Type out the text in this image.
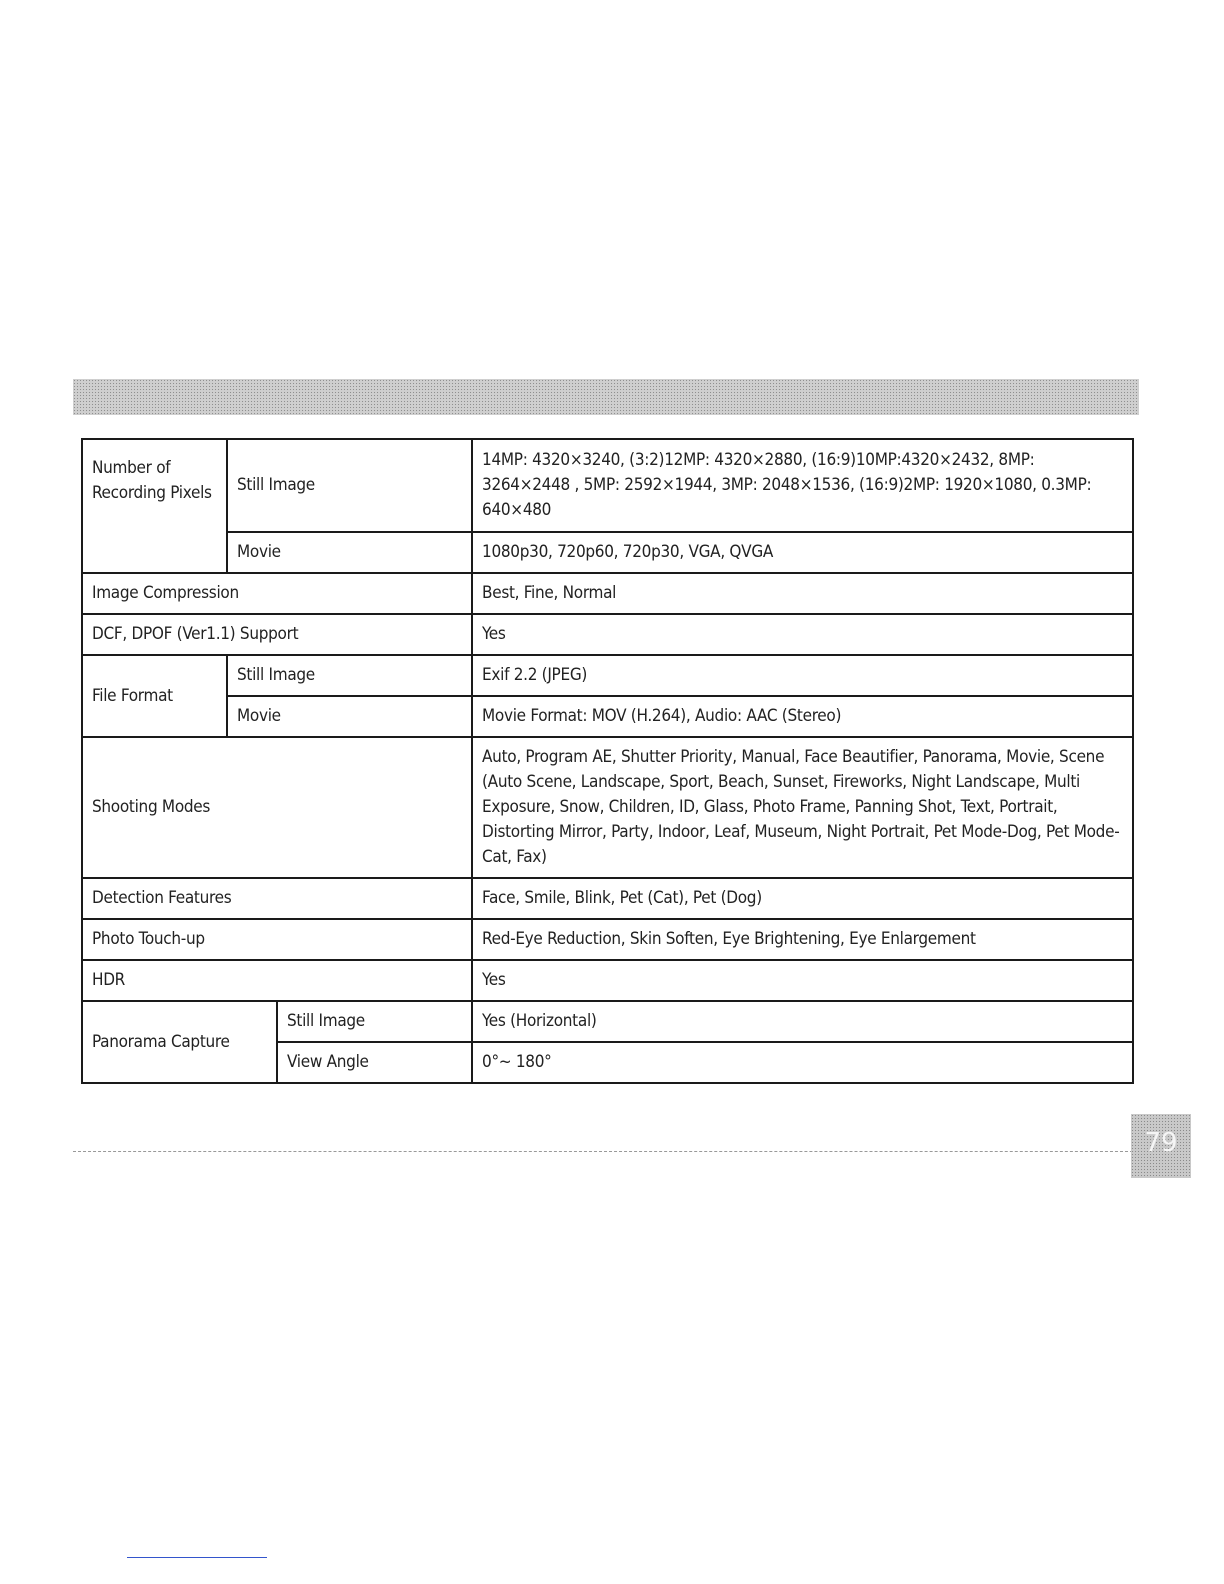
Number of Recording Pixels	Still Image		14MP: 4320×3240, (3:2)12MP: 4320×2880, (16:9)10MP:4320×2432, 8MP: 3264×2448 , 5MP: 2592×1944, 3MP: 2048×1536, (16:9)2MP: 1920×1080, 0.3MP: 640×480
	Movie		1080p30, 720p60, 720p30, VGA, QVGA
Image Compression			Best, Fine, Normal
DCF, DPOF (Ver1.1) Support			Yes
File Format	Still Image		Exif 2.2 (JPEG)
	Movie		Movie Format: MOV (H.264), Audio: AAC (Stereo)
Shooting Modes			Auto, Program AE, Shutter Priority, Manual, Face Beautifier, Panorama, Movie, Scene (Auto Scene, Landscape, Sport, Beach, Sunset, Fireworks, Night Landscape, Multi Exposure, Snow, Children, ID, Glass, Photo Frame, Panning Shot, Text, Portrait, Distorting Mirror, Party, Indoor, Leaf, Museum, Night Portrait, Pet Mode-Dog, Pet Mode-Cat, Fax)
Detection Features			Face, Smile, Blink, Pet (Cat), Pet (Dog)
Photo Touch-up			Red-Eye Reduction, Skin Soften, Eye Brightening, Eye Enlargement
HDR			Yes
Panorama Capture		Still Image	Yes (Horizontal)
		View Angle	0°~ 180°
79
